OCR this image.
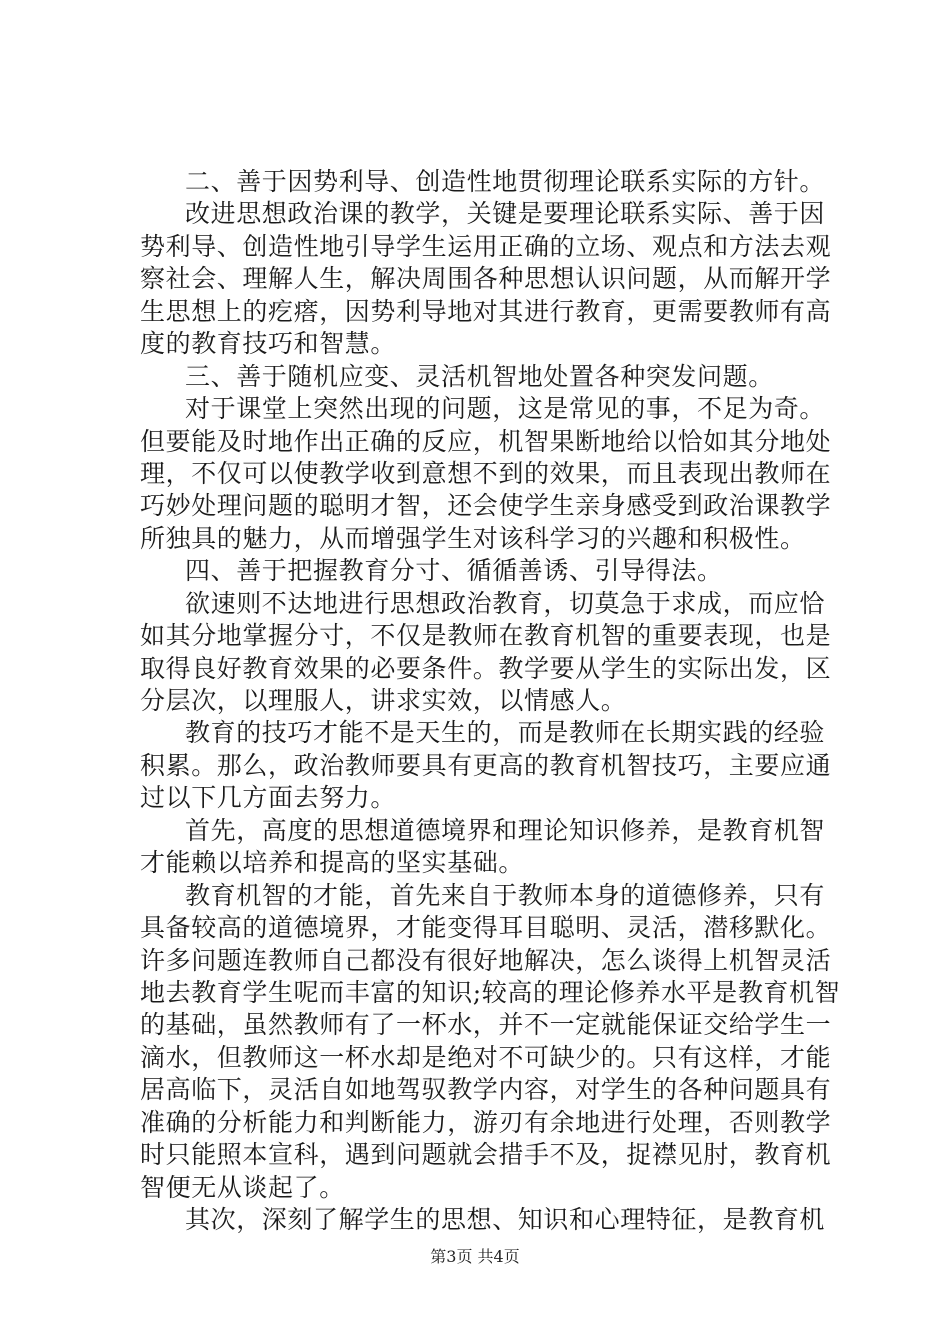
二、善于因势利导、创造性地贯彻理论联系实际的方针。
改进思想政治课的教学，关键是要理论联系实际、善于因
势利导、创造性地引导学生运用正确的立场、观点和方法去观
察社会、理解人生，解决周围各种思想认识问题，从而解开学
生思想上的疙瘩，因势利导地对其进行教育，更需要教师有高
度的教育技巧和智慧。
三、善于随机应变、灵活机智地处置各种突发问题。
对于课堂上突然出现的问题，这是常见的事，不足为奇。
但要能及时地作出正确的反应，机智果断地给以恰如其分地处
理，不仅可以使教学收到意想不到的效果，而且表现出教师在
巧妙处理问题的聪明才智，还会使学生亲身感受到政治课教学
所独具的魅力，从而增强学生对该科学习的兴趣和积极性。
四、善于把握教育分寸、循循善诱、引导得法。
欲速则不达地进行思想政治教育，切莫急于求成，而应恰
如其分地掌握分寸，不仅是教师在教育机智的重要表现，也是
取得良好教育效果的必要条件。教学要从学生的实际出发，区
分层次，以理服人，讲求实效，以情感人。
教育的技巧才能不是天生的，而是教师在长期实践的经验
积累。那么，政治教师要具有更高的教育机智技巧，主要应通
过以下几方面去努力。
首先，高度的思想道德境界和理论知识修养，是教育机智
才能赖以培养和提高的坚实基础。
教育机智的才能，首先来自于教师本身的道德修养，只有
具备较高的道德境界，才能变得耳目聪明、灵活，潜移默化。
许多问题连教师自己都没有很好地解决，怎么谈得上机智灵活
地去教育学生呢而丰富的知识;较高的理论修养水平是教育机智
的基础，虽然教师有了一杯水，并不一定就能保证交给学生一
滴水，但教师这一杯水却是绝对不可缺少的。只有这样，才能
居高临下，灵活自如地驾驭教学内容，对学生的各种问题具有
准确的分析能力和判断能力，游刃有余地进行处理，否则教学
时只能照本宣科，遇到问题就会措手不及，捉襟见肘，教育机
智便无从谈起了。
其次，深刻了解学生的思想、知识和心理特征，是教育机
第3页 共4页
